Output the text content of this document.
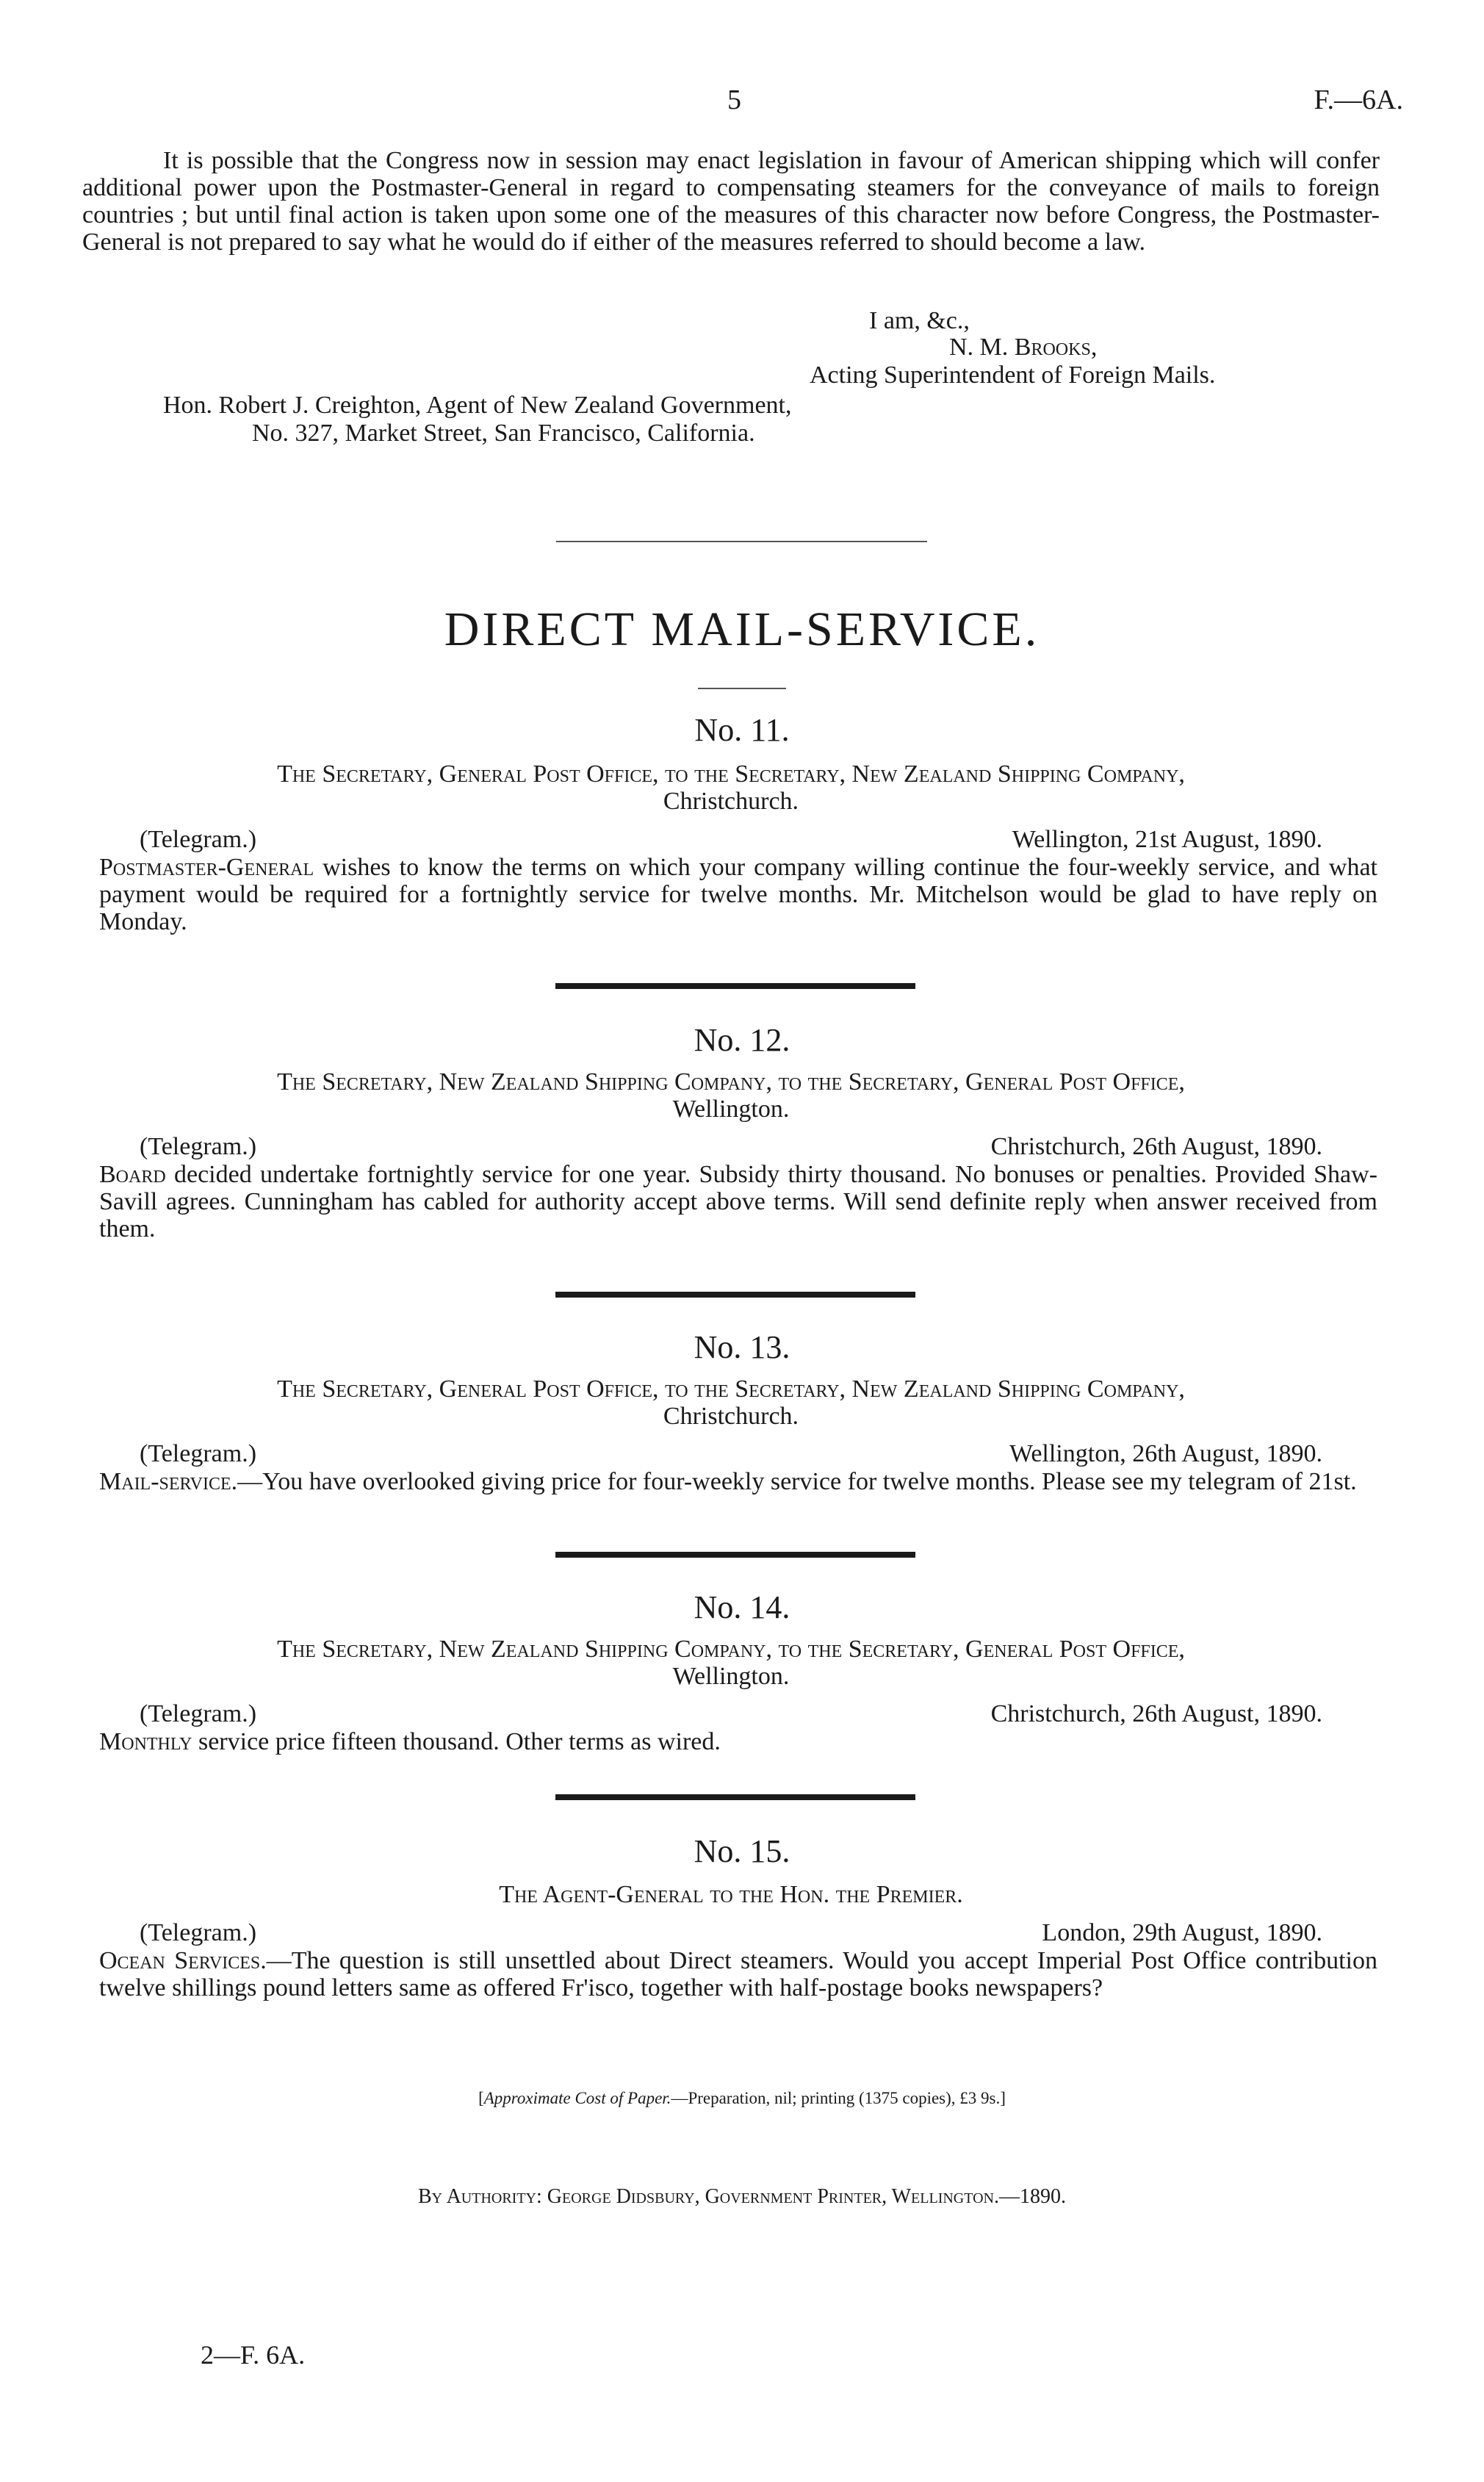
5	F.—6A.
It is possible that the Congress now in session may enact legislation in favour of American shipping which will confer additional power upon the Postmaster-General in regard to compensating steamers for the conveyance of mails to foreign countries ; but until final action is taken upon some one of the measures of this character now before Congress, the Postmaster-General is not prepared to say what he would do if either of the measures referred to should become a law.
I am, &c.,
N. M. Brooks,
Acting Superintendent of Foreign Mails.
Hon. Robert J. Creighton, Agent of New Zealand Government,
No. 327, Market Street, San Francisco, California.
DIRECT MAIL-SERVICE.
No. 11.
The Secretary, General Post Office, to the Secretary, New Zealand Shipping Company,
Christchurch.
(Telegram.)	Wellington, 21st August, 1890.
Postmaster-General wishes to know the terms on which your company willing continue the four-weekly service, and what payment would be required for a fortnightly service for twelve months. Mr. Mitchelson would be glad to have reply on Monday.
No. 12.
The Secretary, New Zealand Shipping Company, to the Secretary, General Post Office,
Wellington.
(Telegram.)	Christchurch, 26th August, 1890.
Board decided undertake fortnightly service for one year. Subsidy thirty thousand. No bonuses or penalties. Provided Shaw-Savill agrees. Cunningham has cabled for authority accept above terms. Will send definite reply when answer received from them.
No. 13.
The Secretary, General Post Office, to the Secretary, New Zealand Shipping Company,
Christchurch.
(Telegram.)	Wellington, 26th August, 1890.
Mail-service.—You have overlooked giving price for four-weekly service for twelve months. Please see my telegram of 21st.
No. 14.
The Secretary, New Zealand Shipping Company, to the Secretary, General Post Office,
Wellington.
(Telegram.)	Christchurch, 26th August, 1890.
Monthly service price fifteen thousand. Other terms as wired.
No. 15.
The Agent-General to the Hon. the Premier.
(Telegram.)	London, 29th August, 1890.
Ocean Services.—The question is still unsettled about Direct steamers. Would you accept Imperial Post Office contribution twelve shillings pound letters same as offered Fr'isco, together with half-postage books newspapers?
[Approximate Cost of Paper.—Preparation, nil; printing (1375 copies), £3 9s.]
By Authority: George Didsbury, Government Printer, Wellington.—1890.
2—F. 6A.
